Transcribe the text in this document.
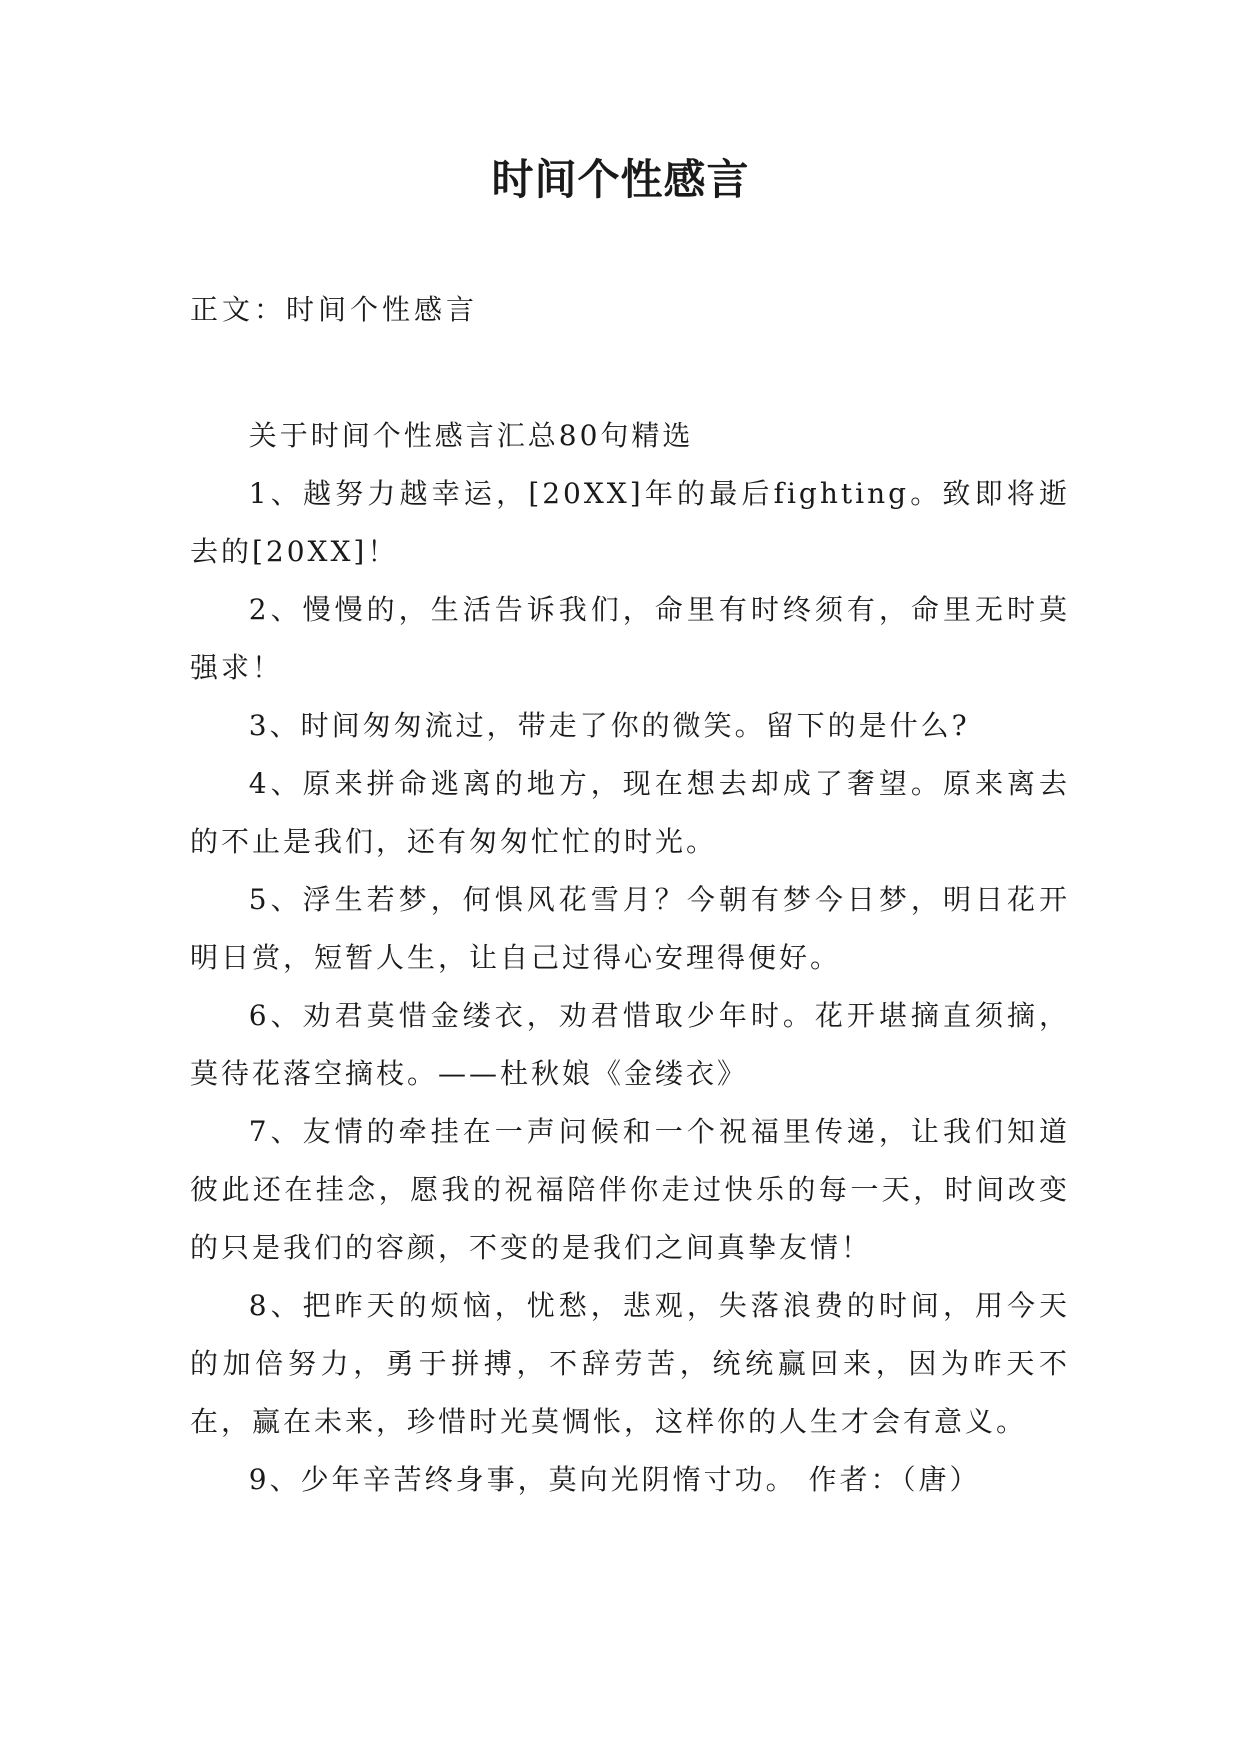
时间个性感言

正文：时间个性感言

关于时间个性感言汇总80句精选

1、越努力越幸运，[20XX]年的最后fighting。致即将逝去的[20XX]！

2、慢慢的，生活告诉我们，命里有时终须有，命里无时莫强求！

3、时间匆匆流过，带走了你的微笑。留下的是什么?

4、原来拼命逃离的地方，现在想去却成了奢望。原来离去的不止是我们，还有匆匆忙忙的时光。

5、浮生若梦，何惧风花雪月？今朝有梦今日梦，明日花开明日赏，短暂人生，让自己过得心安理得便好。

6、劝君莫惜金缕衣，劝君惜取少年时。花开堪摘直须摘，莫待花落空摘枝。——杜秋娘《金缕衣》

7、友情的牵挂在一声问候和一个祝福里传递，让我们知道彼此还在挂念，愿我的祝福陪伴你走过快乐的每一天，时间改变的只是我们的容颜，不变的是我们之间真挚友情！

8、把昨天的烦恼，忧愁，悲观，失落浪费的时间，用今天的加倍努力，勇于拼搏，不辞劳苦，统统赢回来，因为昨天不在，赢在未来，珍惜时光莫惆怅，这样你的人生才会有意义。

9、少年辛苦终身事，莫向光阴惰寸功。 作者：（唐）
